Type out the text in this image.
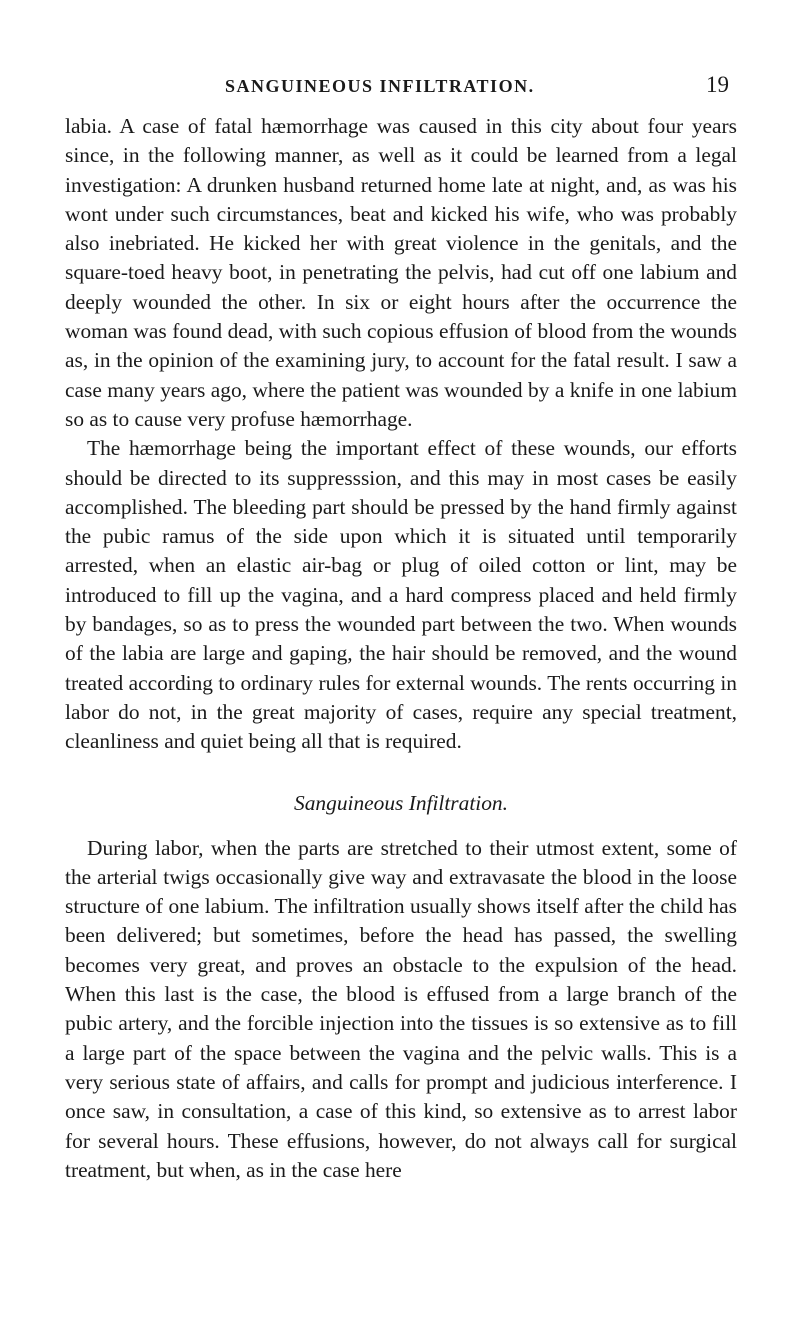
SANGUINEOUS INFILTRATION.	19

labia. A case of fatal hæmorrhage was caused in this city about four years since, in the following manner, as well as it could be learned from a legal investigation: A drunken husband returned home late at night, and, as was his wont under such circumstances, beat and kicked his wife, who was probably also inebriated. He kicked her with great violence in the genitals, and the square-toed heavy boot, in penetrating the pelvis, had cut off one labium and deeply wounded the other. In six or eight hours after the occurrence the woman was found dead, with such copious effusion of blood from the wounds as, in the opinion of the examining jury, to account for the fatal result. I saw a case many years ago, where the patient was wounded by a knife in one labium so as to cause very profuse hæmorrhage.

The hæmorrhage being the important effect of these wounds, our efforts should be directed to its suppresssion, and this may in most cases be easily accomplished. The bleeding part should be pressed by the hand firmly against the pubic ramus of the side upon which it is situated until temporarily arrested, when an elastic air-bag or plug of oiled cotton or lint, may be introduced to fill up the vagina, and a hard compress placed and held firmly by bandages, so as to press the wounded part between the two. When wounds of the labia are large and gaping, the hair should be removed, and the wound treated according to ordinary rules for external wounds. The rents occurring in labor do not, in the great majority of cases, require any special treatment, cleanliness and quiet being all that is required.

Sanguineous Infiltration.

During labor, when the parts are stretched to their utmost extent, some of the arterial twigs occasionally give way and extravasate the blood in the loose structure of one labium. The infiltration usually shows itself after the child has been delivered; but sometimes, before the head has passed, the swelling becomes very great, and proves an obstacle to the expulsion of the head. When this last is the case, the blood is effused from a large branch of the pubic artery, and the forcible injection into the tissues is so extensive as to fill a large part of the space between the vagina and the pelvic walls. This is a very serious state of affairs, and calls for prompt and judicious interference. I once saw, in consultation, a case of this kind, so extensive as to arrest labor for several hours. These effusions, however, do not always call for surgical treatment, but when, as in the case here
